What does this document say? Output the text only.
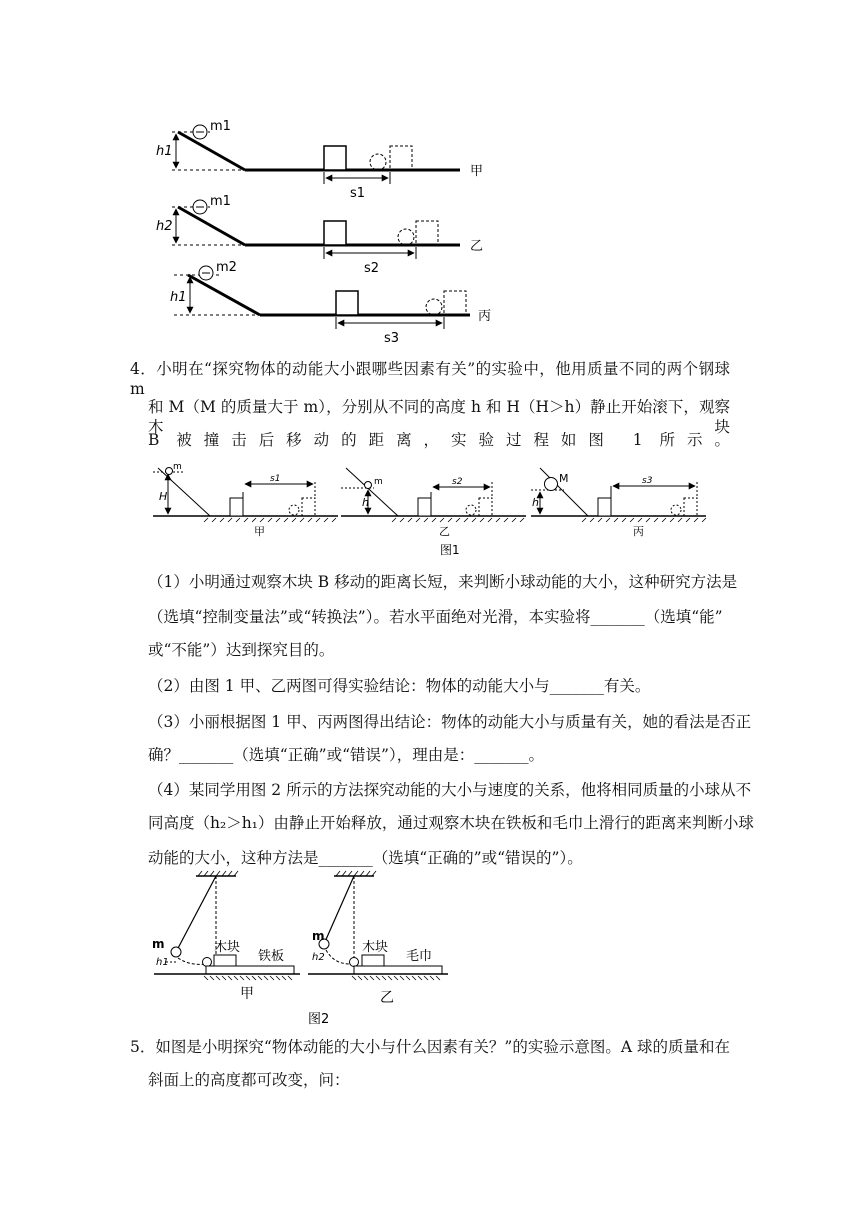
h1
m1
s1
甲
h2
m1
s2
乙
h1
m2
s3
丙
4．小明在“探究物体的动能大小跟哪些因素有关”的实验中，他用质量不同的两个钢球 m
和 M（M 的质量大于 m），分别从不同的高度 h 和 H（H＞h）静止开始滚下，观察木块
B 被撞击后移动的距离，实验过程如图 1 所示。
H
m
s1
甲
h
m	s2
乙
h
M	s3
丙
图1
（1）小明通过观察木块 B 移动的距离长短，来判断小球动能的大小，这种研究方法是
（选填“控制变量法”或“转换法”）。若水平面绝对光滑，本实验将_______（选填“能”
或“不能”）达到探究目的。
（2）由图 1 甲、乙两图可得实验结论：物体的动能大小与_______有关。
（3）小丽根据图 1 甲、丙两图得出结论：物体的动能大小与质量有关，她的看法是否正
确？_______（选填“正确”或“错误”），理由是：_______。
（4）某同学用图 2 所示的方法探究动能的大小与速度的关系，他将相同质量的小球从不
同高度（h₂＞h₁）由静止开始释放，通过观察木块在铁板和毛巾上滑行的距离来判断小球
动能的大小，这种方法是_______（选填“正确的”或“错误的”）。
m
h1
木块
铁板
甲
m
h2
木块
毛巾
乙
图2
5．如图是小明探究“物体动能的大小与什么因素有关？”的实验示意图。A 球的质量和在
斜面上的高度都可改变，问：
